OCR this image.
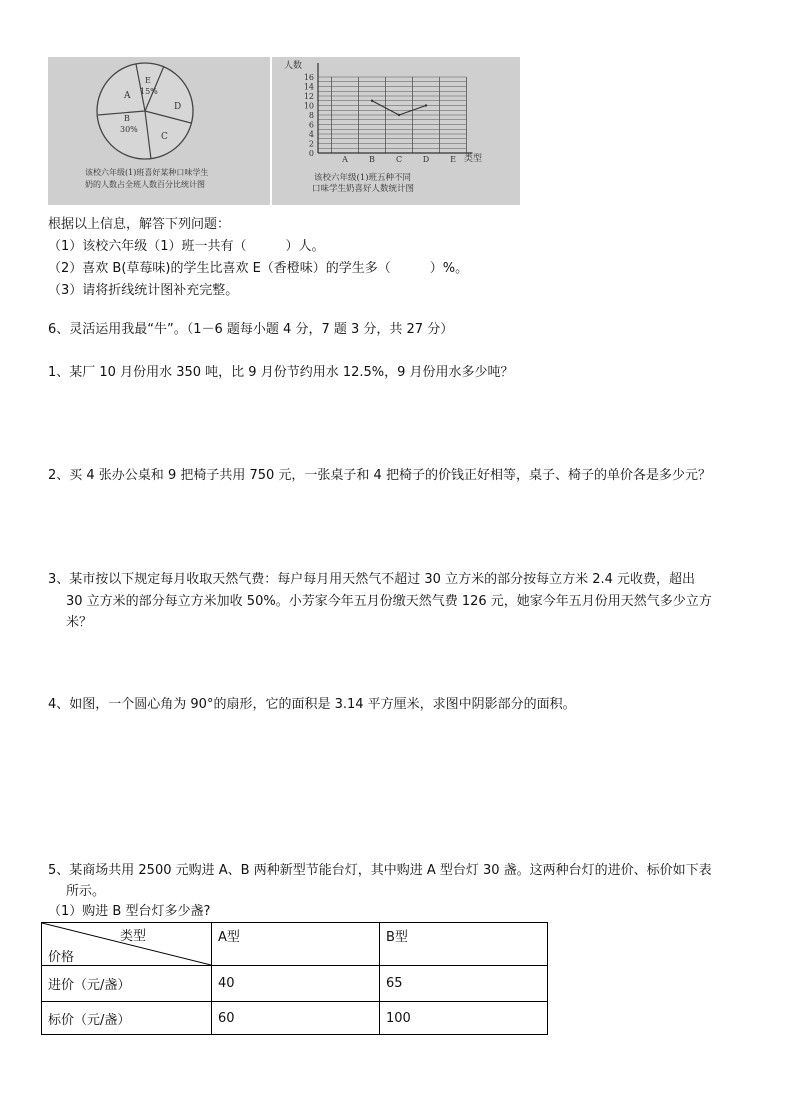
A
E
15%
D
C
B
30%
该校六年级(1)班喜好某种口味学生
奶的人数占全班人数百分比统计图
0
2
4
6
8
10
12
14
16
A	B	C	D	E
人数
类型
该校六年级(1)班五种不同
口味学生奶喜好人数统计图
根据以上信息，解答下列问题：
（1）该校六年级（1）班一共有（　　　）人。
（2）喜欢 B(草莓味)的学生比喜欢 E（香橙味）的学生多（　　　）%。
（3）请将折线统计图补充完整。
6、灵活运用我最“牛”。（1－6 题每小题 4 分，7 题 3 分，共 27 分）
1、某厂 10 月份用水 350 吨，比 9 月份节约用水 12.5%，9 月份用水多少吨？
2、买 4 张办公桌和 9 把椅子共用 750 元，一张桌子和 4 把椅子的价钱正好相等，桌子、椅子的单价各是多少元？
3、某市按以下规定每月收取天然气费：每户每月用天然气不超过 30 立方米的部分按每立方米 2.4 元收费，超出
30 立方米的部分每立方米加收 50%。小芳家今年五月份缴天然气费 126 元，她家今年五月份用天然气多少立方
米？
4、如图，一个圆心角为 90°的扇形，它的面积是 3.14 平方厘米，求图中阴影部分的面积。
5、某商场共用 2500 元购进 A、B 两种新型节能台灯，其中购进 A 型台灯 30 盏。这两种台灯的进价、标价如下表
所示。
（1）购进 B 型台灯多少盏?
类型
价格	A型	B型
进价（元/盏）	40	65
标价（元/盏）	60	100
